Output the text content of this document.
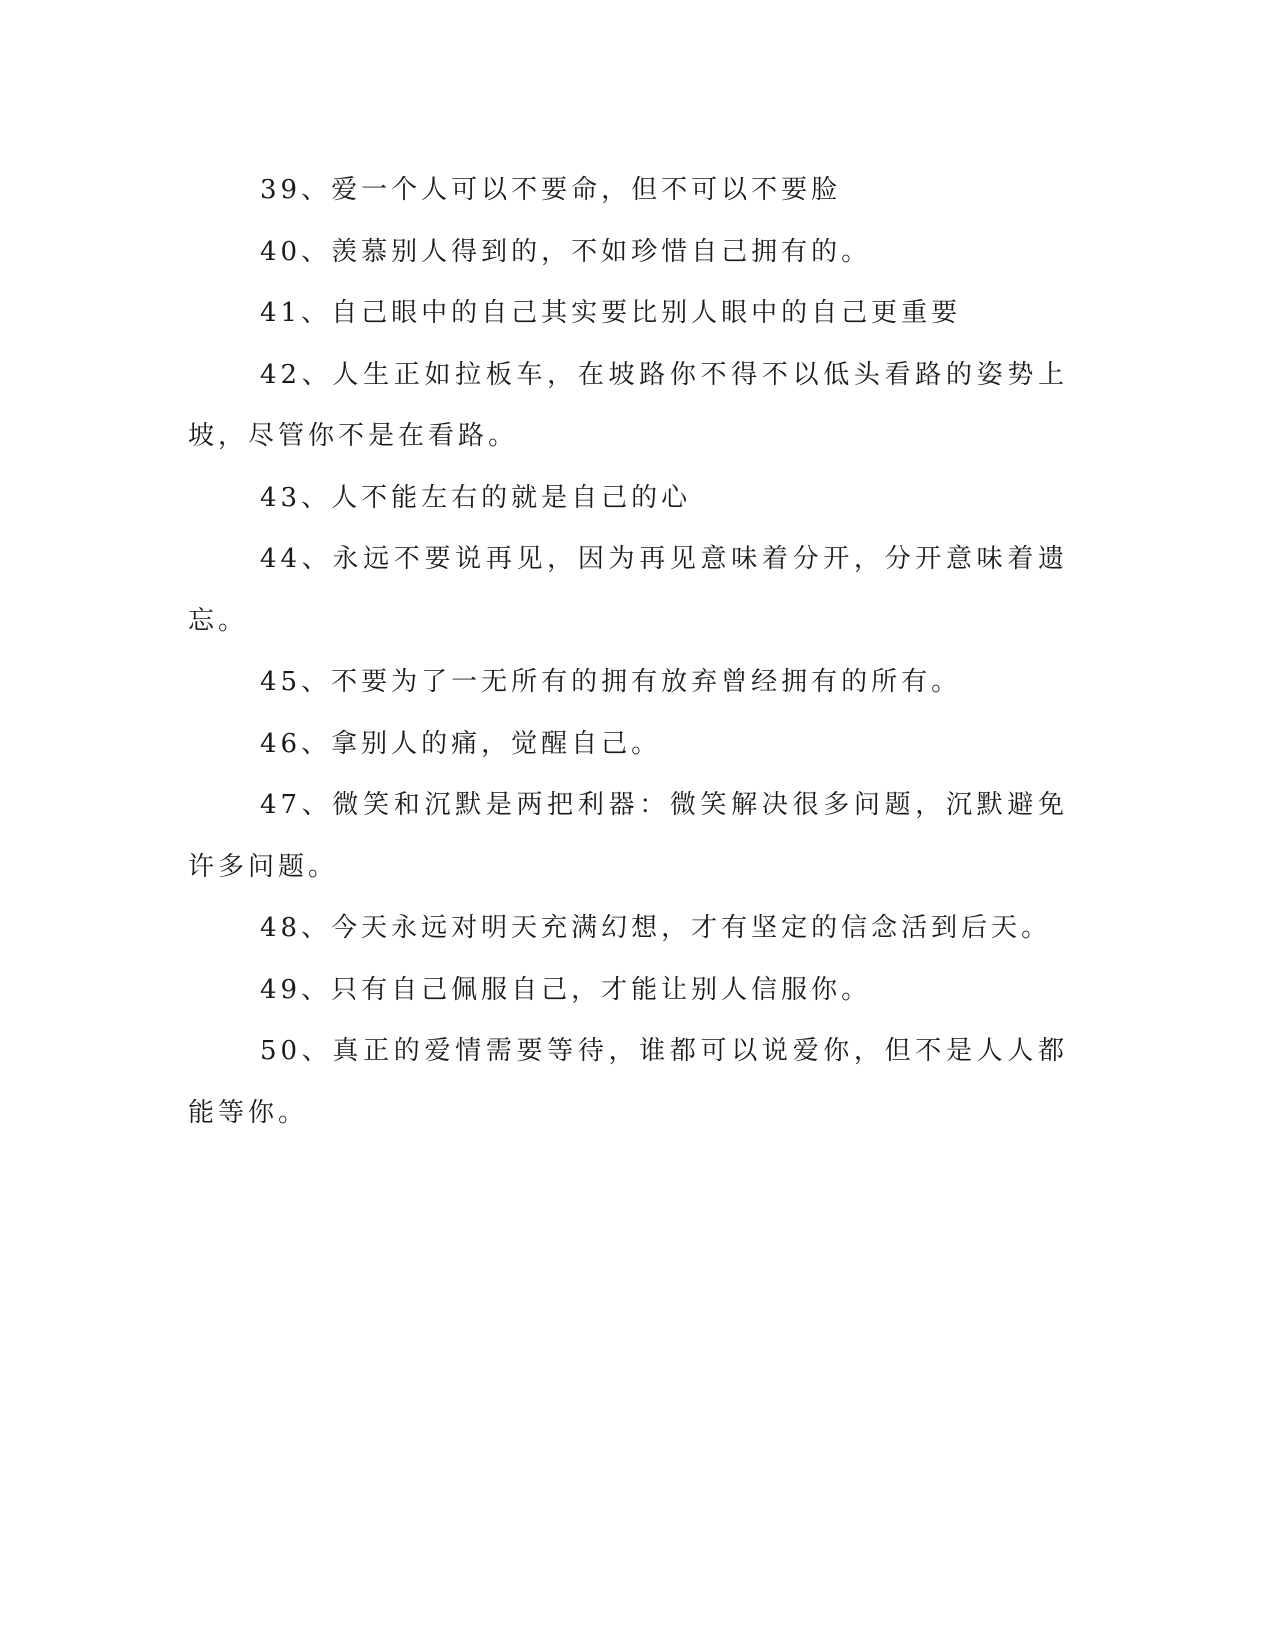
39、爱一个人可以不要命，但不可以不要脸

40、羡慕别人得到的，不如珍惜自己拥有的。

41、自己眼中的自己其实要比别人眼中的自己更重要

42、人生正如拉板车，在坡路你不得不以低头看路的姿势上坡，尽管你不是在看路。

43、人不能左右的就是自己的心

44、永远不要说再见，因为再见意味着分开，分开意味着遗忘。

45、不要为了一无所有的拥有放弃曾经拥有的所有。

46、拿别人的痛，觉醒自己。

47、微笑和沉默是两把利器：微笑解决很多问题，沉默避免许多问题。

48、今天永远对明天充满幻想，才有坚定的信念活到后天。

49、只有自己佩服自己，才能让别人信服你。

50、真正的爱情需要等待，谁都可以说爱你，但不是人人都能等你。
